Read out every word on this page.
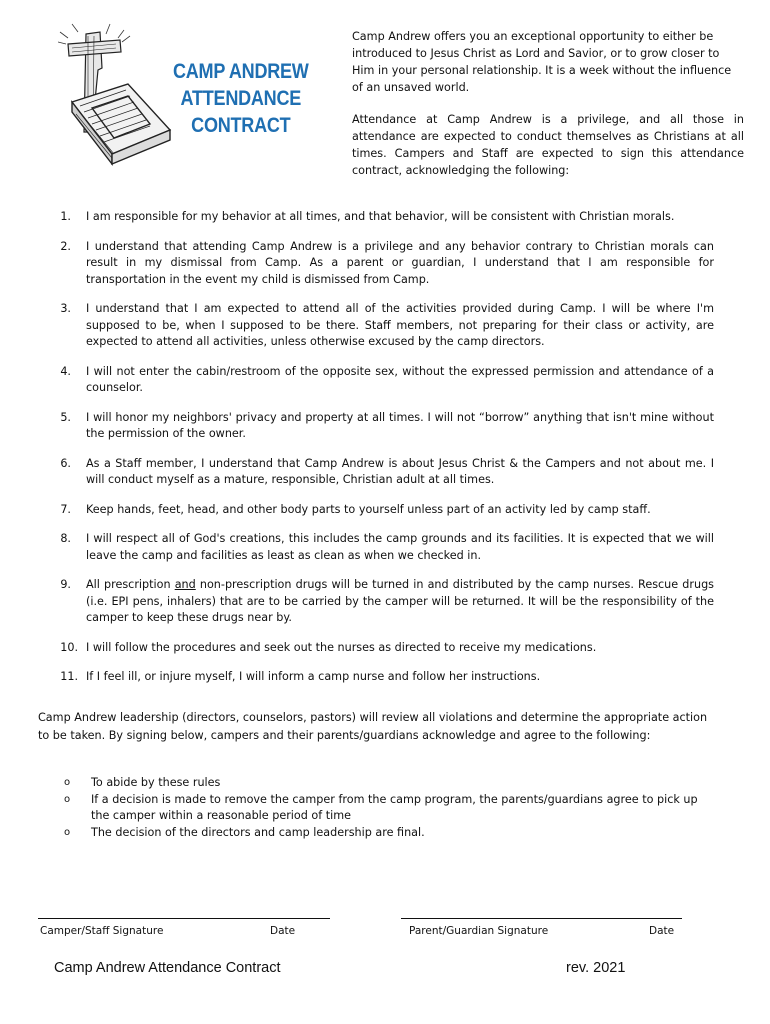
CAMP ANDREW
ATTENDANCE CONTRACT

Camp Andrew offers you an exceptional opportunity to either be introduced to Jesus Christ as Lord and Savior, or to grow closer to Him in your personal relationship. It is a week without the influence of an unsaved world.

Attendance at Camp Andrew is a privilege, and all those in attendance are expected to conduct themselves as Christians at all times. Campers and Staff are expected to sign this attendance contract, acknowledging the following:

1. I am responsible for my behavior at all times, and that behavior, will be consistent with Christian morals.
2. I understand that attending Camp Andrew is a privilege and any behavior contrary to Christian morals can result in my dismissal from Camp. As a parent or guardian, I understand that I am responsible for transportation in the event my child is dismissed from Camp.
3. I understand that I am expected to attend all of the activities provided during Camp. I will be where I'm supposed to be, when I supposed to be there. Staff members, not preparing for their class or activity, are expected to attend all activities, unless otherwise excused by the camp directors.
4. I will not enter the cabin/restroom of the opposite sex, without the expressed permission and attendance of a counselor.
5. I will honor my neighbors' privacy and property at all times. I will not “borrow” anything that isn't mine without the permission of the owner.
6. As a Staff member, I understand that Camp Andrew is about Jesus Christ & the Campers and not about me. I will conduct myself as a mature, responsible, Christian adult at all times.
7. Keep hands, feet, head, and other body parts to yourself unless part of an activity led by camp staff.
8. I will respect all of God's creations, this includes the camp grounds and its facilities. It is expected that we will leave the camp and facilities as least as clean as when we checked in.
9. All prescription and non-prescription drugs will be turned in and distributed by the camp nurses. Rescue drugs (i.e. EPI pens, inhalers) that are to be carried by the camper will be returned. It will be the responsibility of the camper to keep these drugs near by.
10. I will follow the procedures and seek out the nurses as directed to receive my medications.
11. If I feel ill, or injure myself, I will inform a camp nurse and follow her instructions.

Camp Andrew leadership (directors, counselors, pastors) will review all violations and determine the appropriate action to be taken. By signing below, campers and their parents/guardians acknowledge and agree to the following:

o To abide by these rules
o If a decision is made to remove the camper from the camp program, the parents/guardians agree to pick up the camper within a reasonable period of time
o The decision of the directors and camp leadership are final.
Camper/Staff Signature	Date	Parent/Guardian Signature	Date
Camp Andrew Attendance Contract	rev. 2021
